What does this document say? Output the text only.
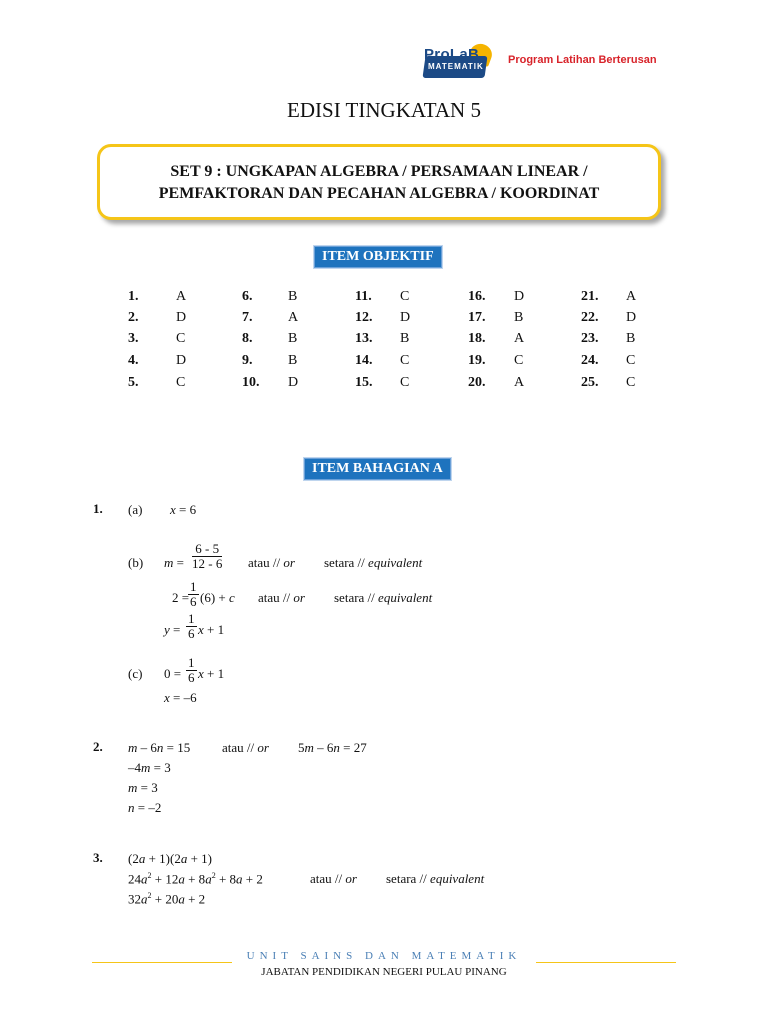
ProLaB
MATEMATIK
Program Latihan Berterusan
EDISI TINGKATAN 5
SET 9 : UNGKAPAN ALGEBRA / PERSAMAAN LINEAR /
PEMFAKTORAN DAN PECAHAN ALGEBRA / KOORDINAT
ITEM OBJEKTIF
1.	A
2.	D
3.	C
4.	D
5.	C
6.	B
7.	A
8.	B
9.	B
10. D
11. C
12. D
13. B
14. C
15. C
16. D
17. B
18. A
19. C
20. A
21. A
22. D
23. B
24. C
25. C
ITEM BAHAGIAN A
1. (a) x = 6
(b) $m = \frac{6 - 5}{12 - 6}$ atau // or setara // equivalent
2 =
$\frac{1}{6} (6) + c$ atau // or setara // equivalent
$y = \frac{1}{6}$ x + 1
(c) $0 = \frac{1}{6}$ x + 1
x = –6
2. m – 6n = 15 atau // or 5m – 6n = 27
–4m = 3
m = 3
n = –2
3. (2a + 1)(2a + 1)
$24a^2 + 12a + 8a^2 + 8a + 2$	atau // or setara // equivalent
$32a^2 + 20a + 2$
UNIT SAINS DAN MATEMATIK
JABATAN PENDIDIKAN NEGERI PULAU PINANG
